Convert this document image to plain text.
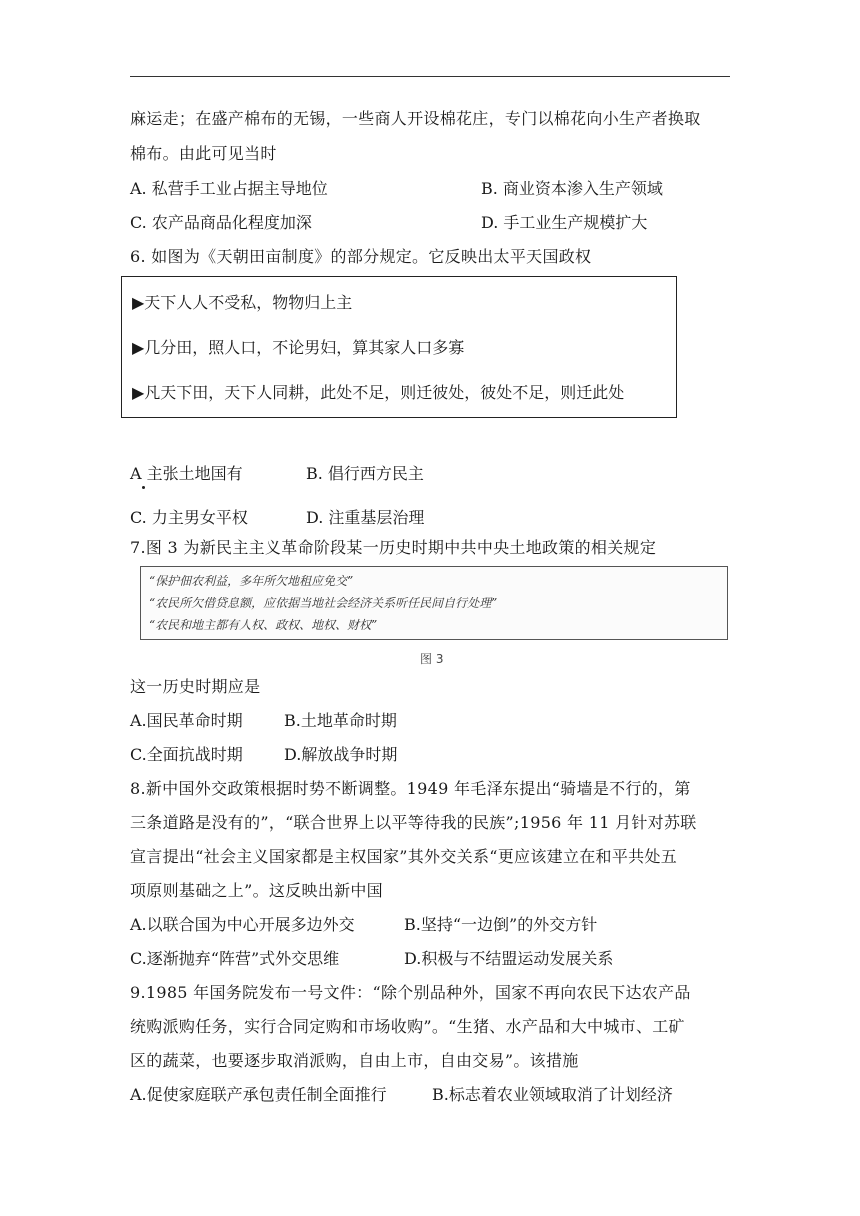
麻运走；在盛产棉布的无锡，一些商人开设棉花庄，专门以棉花向小生产者换取
棉布。由此可见当时
A. 私营手工业占据主导地位	B. 商业资本渗入生产领域
C. 农产品商品化程度加深	D. 手工业生产规模扩大
6. 如图为《天朝田亩制度》的部分规定。它反映出太平天国政权
▶天下人人不受私，物物归上主
▶几分田，照人口，不论男妇，算其家人口多寡
▶凡天下田，天下人同耕，此处不足，则迁彼处，彼处不足，则迁此处
A 主张土地国有	B. 倡行西方民主
C. 力主男女平权	D. 注重基层治理
7.图 3 为新民主主义革命阶段某一历史时期中共中央土地政策的相关规定
“保护佃农利益，多年所欠地租应免交”
“农民所欠借贷息额，应依据当地社会经济关系听任民间自行处理”
“农民和地主都有人权、政权、地权、财权”
图 3
这一历史时期应是
A.国民革命时期	B.土地革命时期
C.全面抗战时期	D.解放战争时期
8.新中国外交政策根据时势不断调整。1949 年毛泽东提出“骑墙是不行的，第
三条道路是没有的”，“联合世界上以平等待我的民族”;1956 年 11 月针对苏联
宣言提出“社会主义国家都是主权国家”其外交关系“更应该建立在和平共处五
项原则基础之上”。这反映出新中国
A.以联合国为中心开展多边外交	B.坚持“一边倒”的外交方针
C.逐渐抛弃“阵营”式外交思维	D.积极与不结盟运动发展关系
9.1985 年国务院发布一号文件：“除个别品种外，国家不再向农民下达农产品
统购派购任务，实行合同定购和市场收购”。“生猪、水产品和大中城市、工矿
区的蔬菜，也要逐步取消派购，自由上市，自由交易”。该措施
A.促使家庭联产承包责任制全面推行	B.标志着农业领域取消了计划经济
